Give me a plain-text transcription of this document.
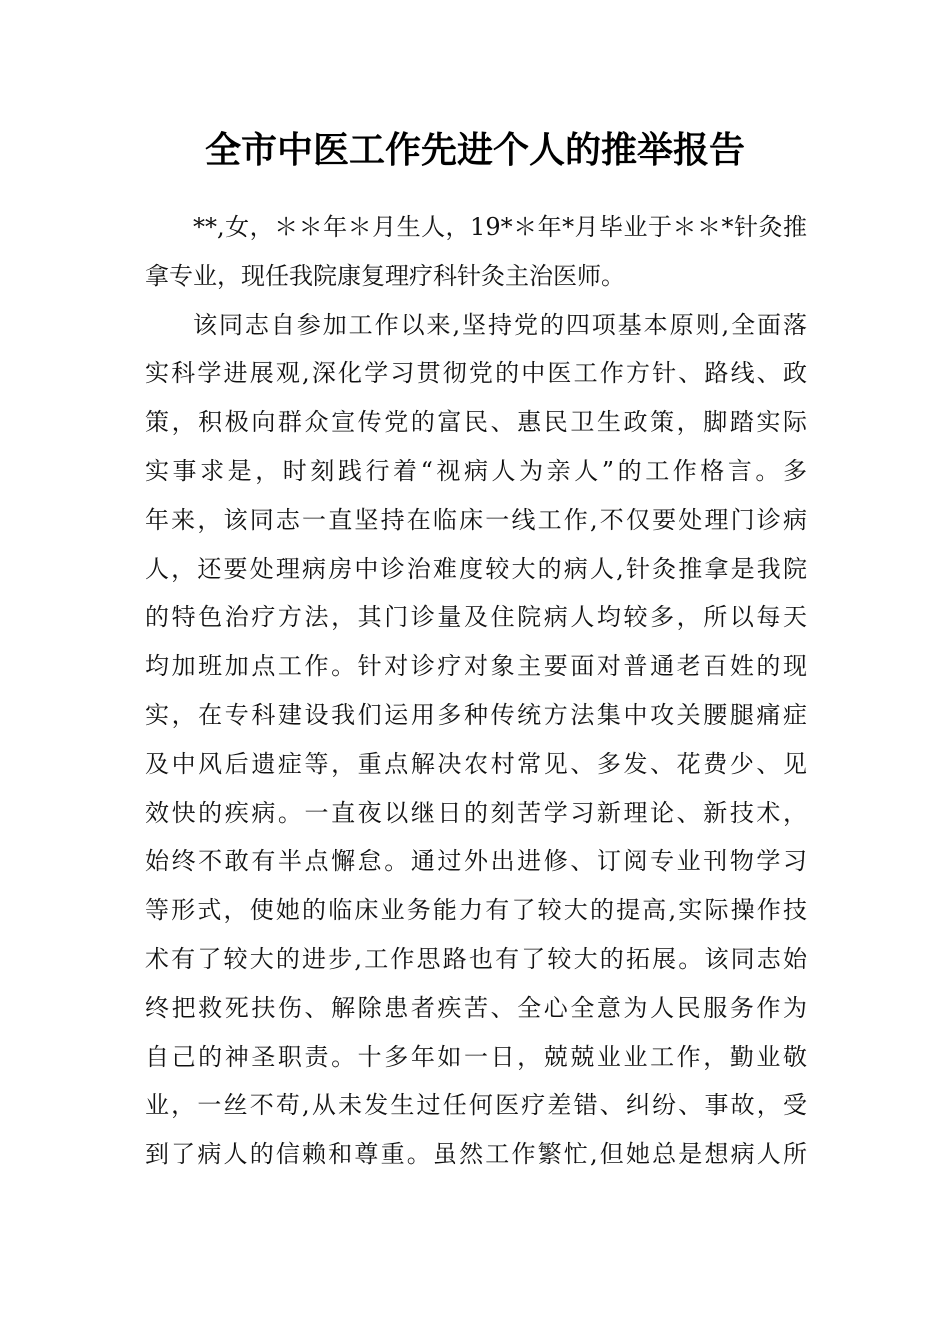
全市中医工作先进个人的推举报告
**,女，＊＊年＊月生人，19*＊年*月毕业于＊＊*针灸推
拿专业，现任我院康复理疗科针灸主治医师。
该同志自参加工作以来,坚持党的四项基本原则,全面落
实科学进展观,深化学习贯彻党的中医工作方针、路线、政
策，积极向群众宣传党的富民、惠民卫生政策，脚踏实际
实事求是，时刻践行着“视病人为亲人”的工作格言。多
年来，该同志一直坚持在临床一线工作,不仅要处理门诊病
人，还要处理病房中诊治难度较大的病人,针灸推拿是我院
的特色治疗方法，其门诊量及住院病人均较多，所以每天
均加班加点工作。针对诊疗对象主要面对普通老百姓的现
实，在专科建设我们运用多种传统方法集中攻关腰腿痛症
及中风后遗症等，重点解决农村常见、多发、花费少、见
效快的疾病。一直夜以继日的刻苦学习新理论、新技术，
始终不敢有半点懈怠。通过外出进修、订阅专业刊物学习
等形式，使她的临床业务能力有了较大的提高,实际操作技
术有了较大的进步,工作思路也有了较大的拓展。该同志始
终把救死扶伤、解除患者疾苦、全心全意为人民服务作为
自己的神圣职责。十多年如一日，兢兢业业工作，勤业敬
业，一丝不苟,从未发生过任何医疗差错、纠纷、事故，受
到了病人的信赖和尊重。虽然工作繁忙,但她总是想病人所
